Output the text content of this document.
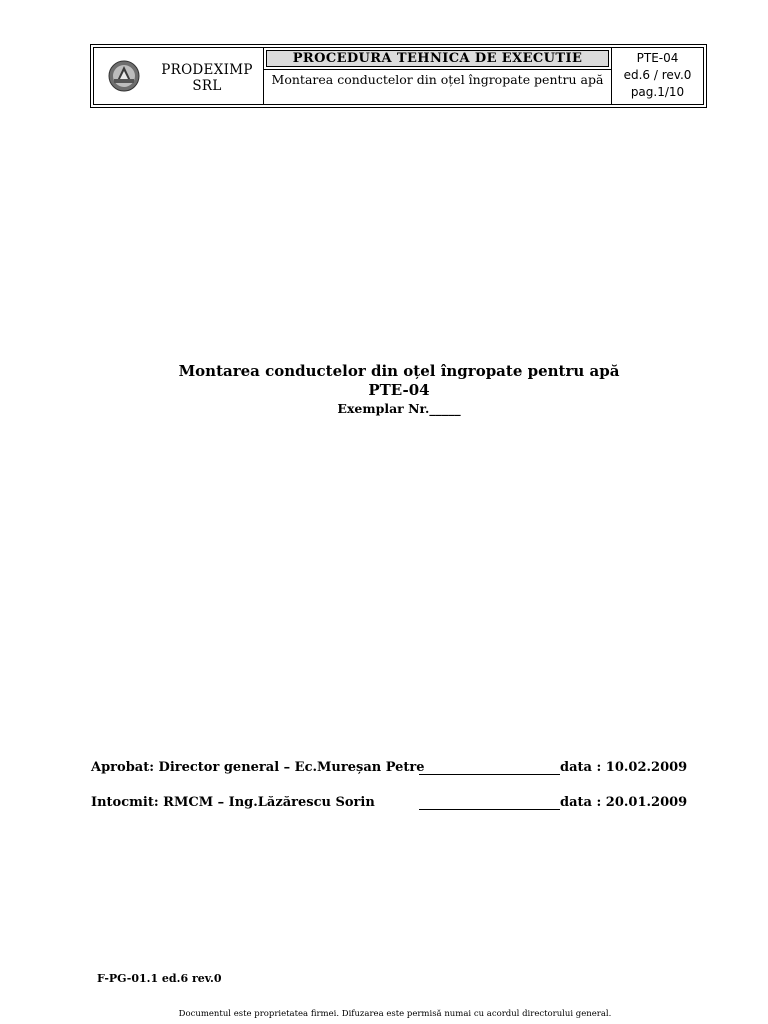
PRODEXIMP
SRL
PROCEDURA TEHNICA DE EXECUTIE
Montarea conductelor din oțel îngropate pentru apă
PTE-04
ed.6 / rev.0
pag.1/10
Montarea conductelor din oțel îngropate pentru apă
PTE-04
Exemplar Nr._____
Aprobat: Director general – Ec.Mureșan Petre	data : 10.02.2009
Intocmit: RMCM – Ing.Lăzărescu Sorin	data : 20.01.2009
F-PG-01.1 ed.6 rev.0
Documentul este proprietatea firmei. Difuzarea este permisă numai cu acordul directorului general.
